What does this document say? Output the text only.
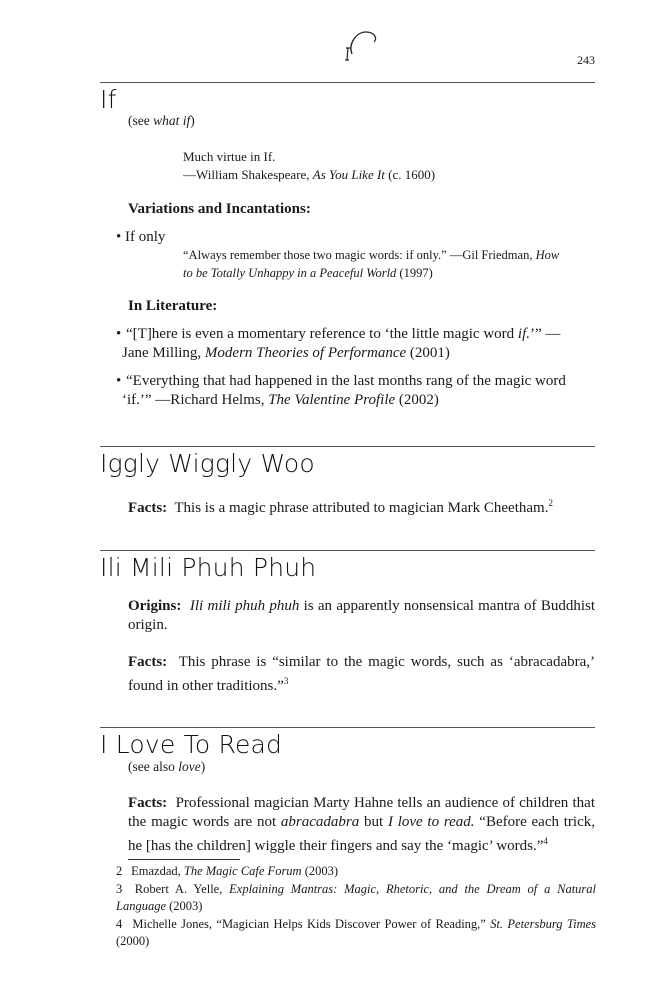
243
If
(see what if)
Much virtue in If.
—William Shakespeare, As You Like It (c. 1600)
Variations and Incantations:
• If only
“Always remember those two magic words: if only.” —Gil Friedman, How
to be Totally Unhappy in a Peaceful World (1997)
In Literature:
• “[T]here is even a momentary reference to ‘the little magic word if.’” —
Jane Milling, Modern Theories of Performance (2001)
• “Everything that had happened in the last months rang of the magic word
‘if.’” —Richard Helms, The Valentine Profile (2002)
Iggly Wiggly Woo
Facts: This is a magic phrase attributed to magician Mark Cheetham.$^2$
Ili Mili Phuh Phuh
Origins: Ili mili phuh phuh is an apparently nonsensical mantra of Buddhist origin.
Facts: This phrase is “similar to the magic words, such as ‘abracadabra,’ found in other traditions.”$^3$
I Love To Read
(see also love)
Facts: Professional magician Marty Hahne tells an audience of children that the magic words are not abracadabra but I love to read. “Before each trick, he [has the children] wiggle their fingers and say the ‘magic’ words.”$^4$
2 Emazdad, The Magic Cafe Forum (2003)
3 Robert A. Yelle, Explaining Mantras: Magic, Rhetoric, and the Dream of a Natural Language (2003)
4 Michelle Jones, “Magician Helps Kids Discover Power of Reading,” St. Petersburg Times (2000)
